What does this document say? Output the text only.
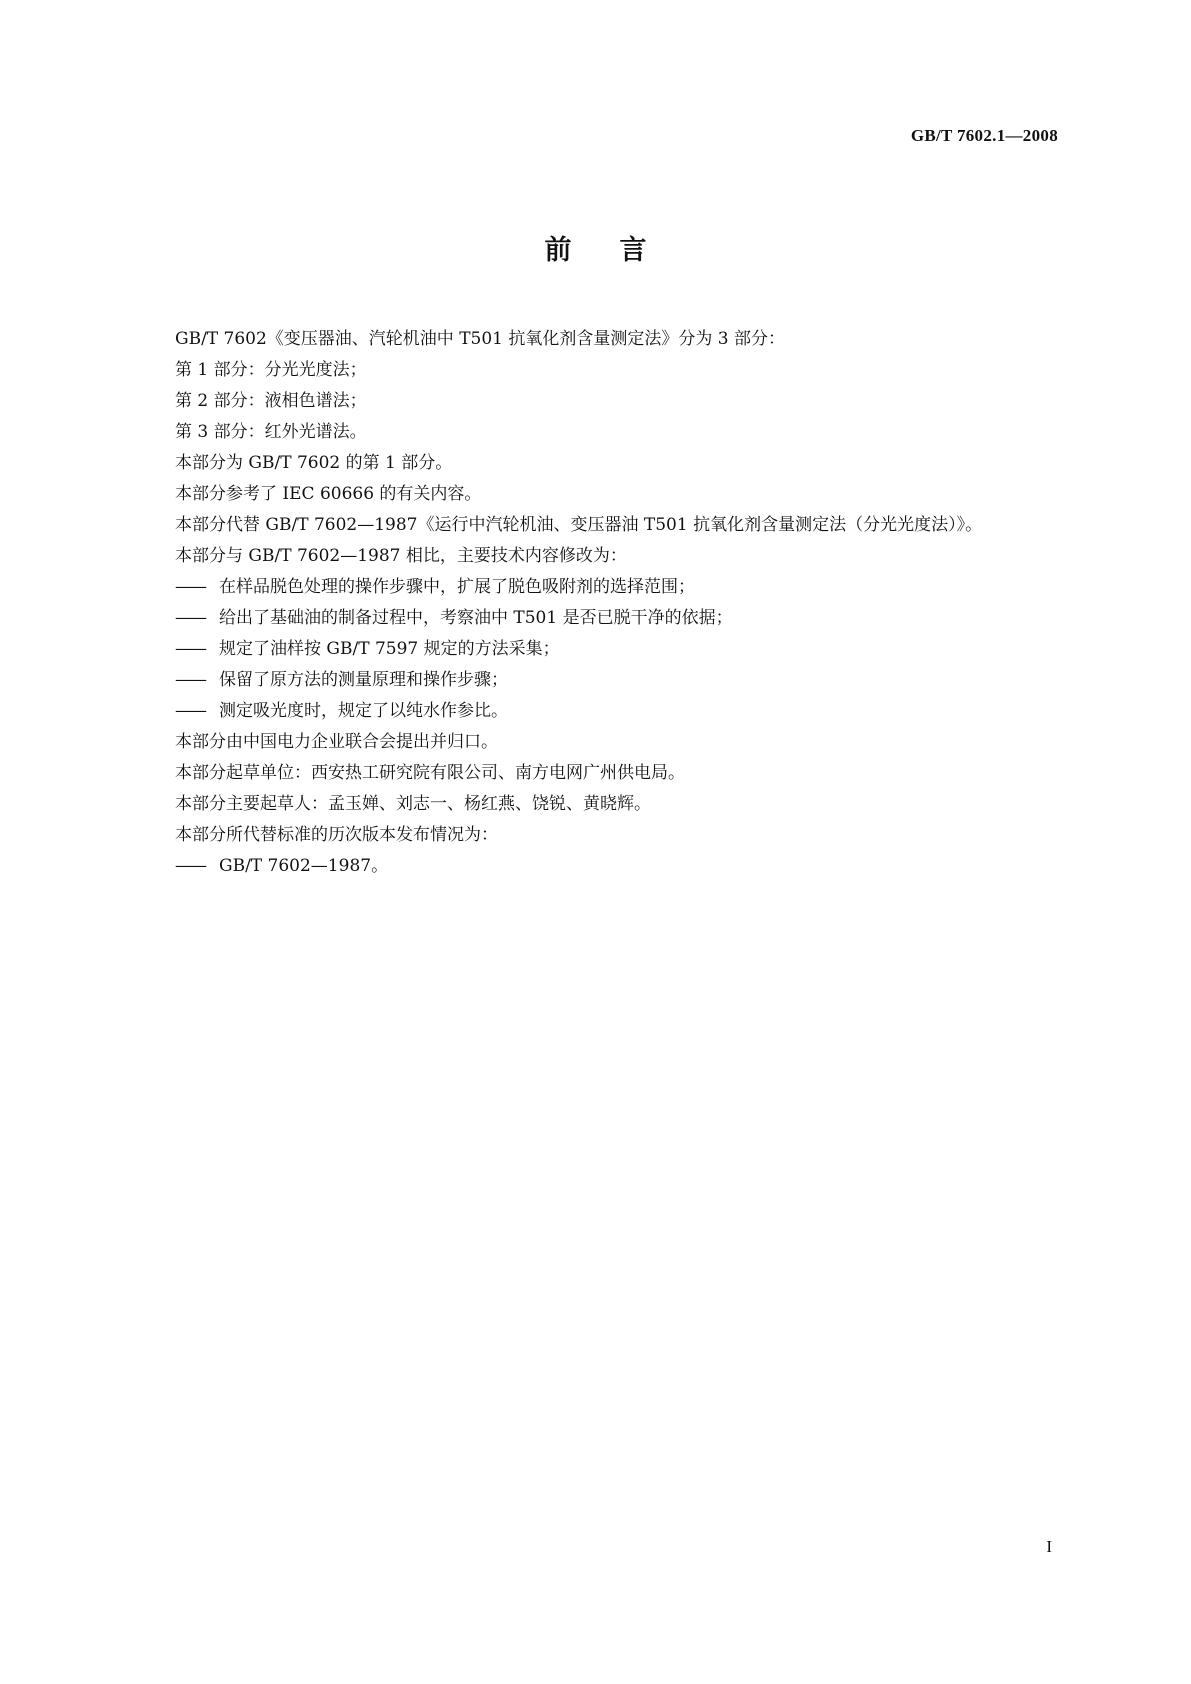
GB/T 7602.1—2008
前言

GB/T 7602《变压器油、汽轮机油中 T501 抗氧化剂含量测定法》分为 3 部分：

第 1 部分：分光光度法；

第 2 部分：液相色谱法；

第 3 部分：红外光谱法。

本部分为 GB/T 7602 的第 1 部分。

本部分参考了 IEC 60666 的有关内容。

本部分代替 GB/T 7602—1987《运行中汽轮机油、变压器油 T501 抗氧化剂含量测定法（分光光度法）》。

本部分与 GB/T 7602—1987 相比，主要技术内容修改为：

—— 在样品脱色处理的操作步骤中，扩展了脱色吸附剂的选择范围；

—— 给出了基础油的制备过程中，考察油中 T501 是否已脱干净的依据；

—— 规定了油样按 GB/T 7597 规定的方法采集；

—— 保留了原方法的测量原理和操作步骤；

—— 测定吸光度时，规定了以纯水作参比。

本部分由中国电力企业联合会提出并归口。

本部分起草单位：西安热工研究院有限公司、南方电网广州供电局。

本部分主要起草人：孟玉婵、刘志一、杨红燕、饶锐、黄晓辉。

本部分所代替标准的历次版本发布情况为：

—— GB/T 7602—1987。

I
